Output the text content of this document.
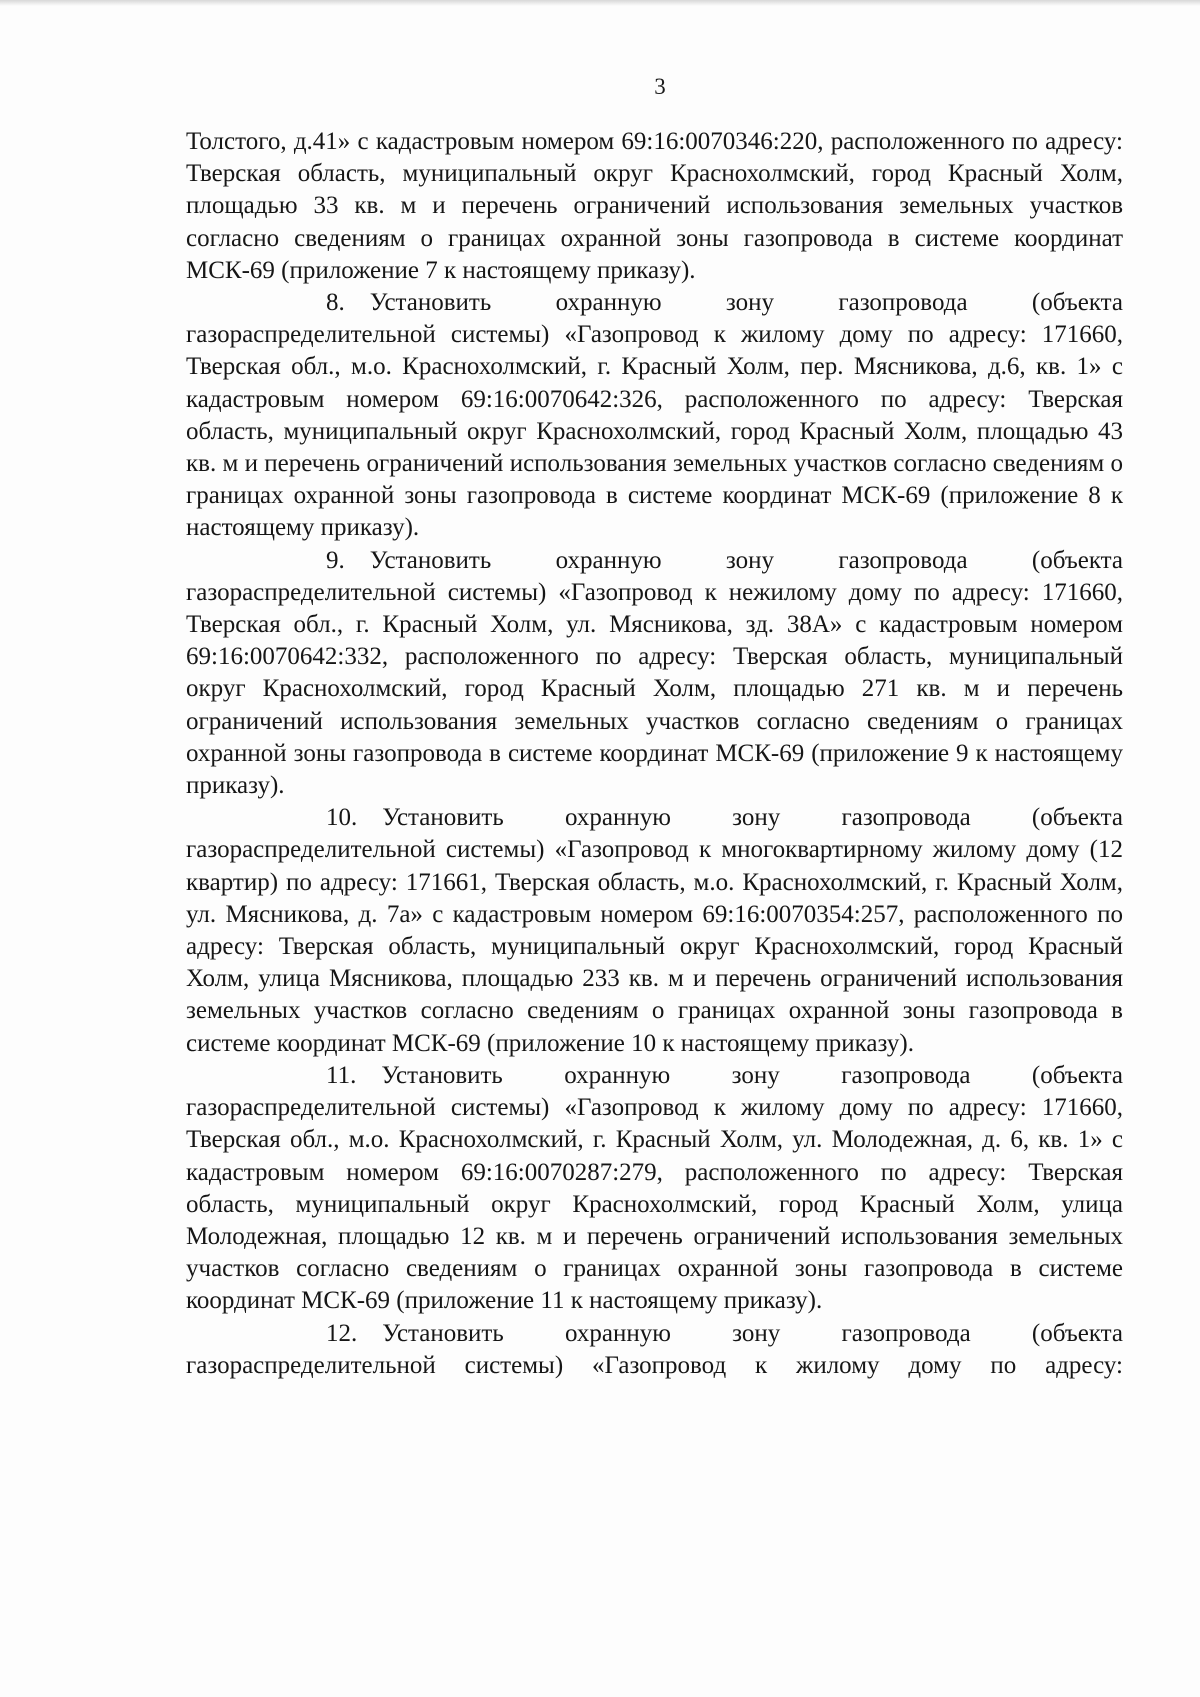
3

Толстого, д.41» с кадастровым номером 69:16:0070346:220, расположенного по адресу: Тверская область, муниципальный округ Краснохолмский, город Красный Холм, площадью 33 кв. м и перечень ограничений использования земельных участков согласно сведениям о границах охранной зоны газопровода в системе координат МСК-69 (приложение 7 к настоящему приказу).

8.  Установить охранную зону газопровода (объекта газораспределительной системы) «Газопровод к жилому дому по адресу: 171660, Тверская обл., м.о. Краснохолмский, г. Красный Холм, пер. Мясникова, д.6, кв. 1» с кадастровым номером 69:16:0070642:326, расположенного по адресу: Тверская область, муниципальный округ Краснохолмский, город Красный Холм, площадью 43 кв. м и перечень ограничений использования земельных участков согласно сведениям о границах охранной зоны газопровода в системе координат МСК-69 (приложение 8 к настоящему приказу).

9.  Установить охранную зону газопровода (объекта газораспределительной системы) «Газопровод к нежилому дому по адресу: 171660, Тверская обл., г. Красный Холм, ул. Мясникова, зд. 38А» с кадастровым номером 69:16:0070642:332, расположенного по адресу: Тверская область, муниципальный округ Краснохолмский, город Красный Холм, площадью 271 кв. м и перечень ограничений использования земельных участков согласно сведениям о границах охранной зоны газопровода в системе координат МСК-69 (приложение 9 к настоящему приказу).

10.  Установить охранную зону газопровода (объекта газораспределительной системы) «Газопровод к многоквартирному жилому дому (12 квартир) по адресу: 171661, Тверская область, м.о. Краснохолмский, г. Красный Холм, ул. Мясникова, д. 7а» с кадастровым номером 69:16:0070354:257, расположенного по адресу: Тверская область, муниципальный округ Краснохолмский, город Красный Холм, улица Мясникова, площадью 233 кв. м и перечень ограничений использования земельных участков согласно сведениям о границах охранной зоны газопровода в системе координат МСК-69 (приложение 10 к настоящему приказу).

11.  Установить охранную зону газопровода (объекта газораспределительной системы) «Газопровод к жилому дому по адресу: 171660, Тверская обл., м.о. Краснохолмский, г. Красный Холм, ул. Молодежная, д. 6, кв. 1» с кадастровым номером 69:16:0070287:279, расположенного по адресу: Тверская область, муниципальный округ Краснохолмский, город Красный Холм, улица Молодежная, площадью 12 кв. м и перечень ограничений использования земельных участков согласно сведениям о границах охранной зоны газопровода в системе координат МСК-69 (приложение 11 к настоящему приказу).

12.  Установить охранную зону газопровода (объекта газораспределительной системы) «Газопровод к жилому дому по адресу:
